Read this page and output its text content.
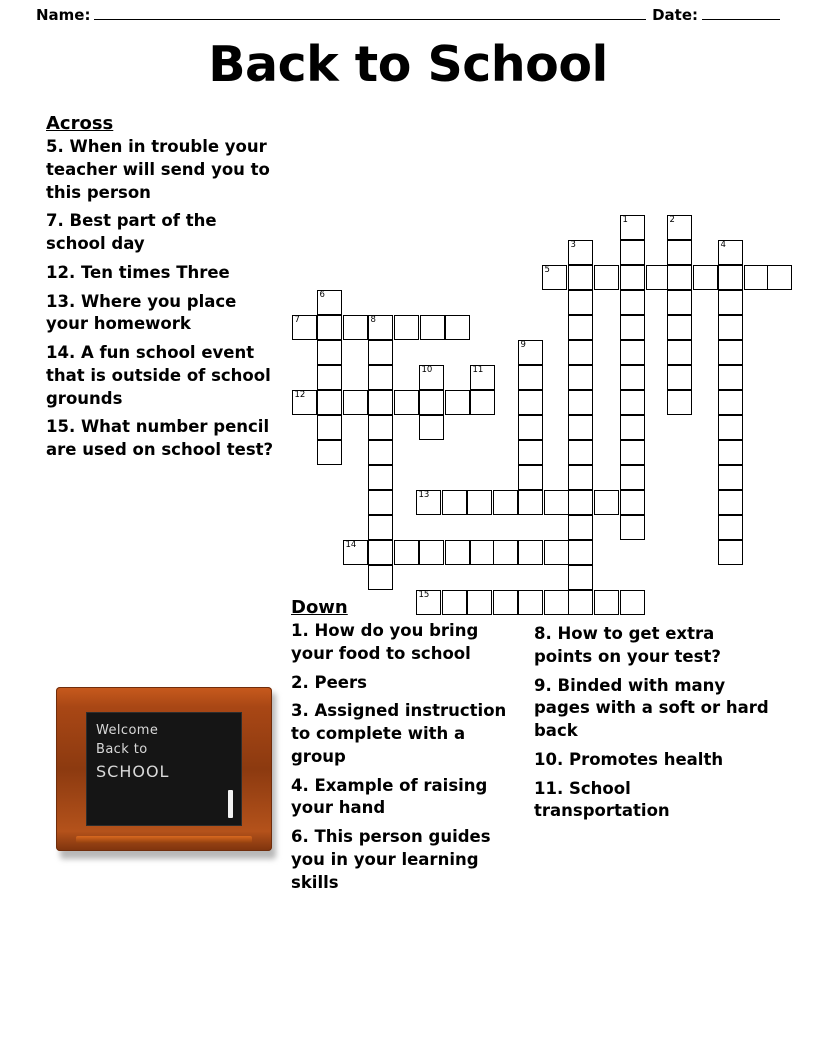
Name:	Date:
Back to School
Across
5. When in trouble your teacher will send you to this person
7. Best part of the school day
12. Ten times Three
13. Where you place your homework
14. A fun school event that is outside of school grounds
15. What number pencil are used on school test?
1	2
3	4
5
6
7	8
9
10	11
12
13
14
15
Down
1. How do you bring your food to school
2. Peers
3. Assigned instruction to complete with a group
4. Example of raising your hand
6. This person guides you in your learning skills
8. How to get extra points on your test?
9. Binded with many pages with a soft or hard back
10. Promotes health
11. School transportation
Welcome
Back to
SCHOOL
